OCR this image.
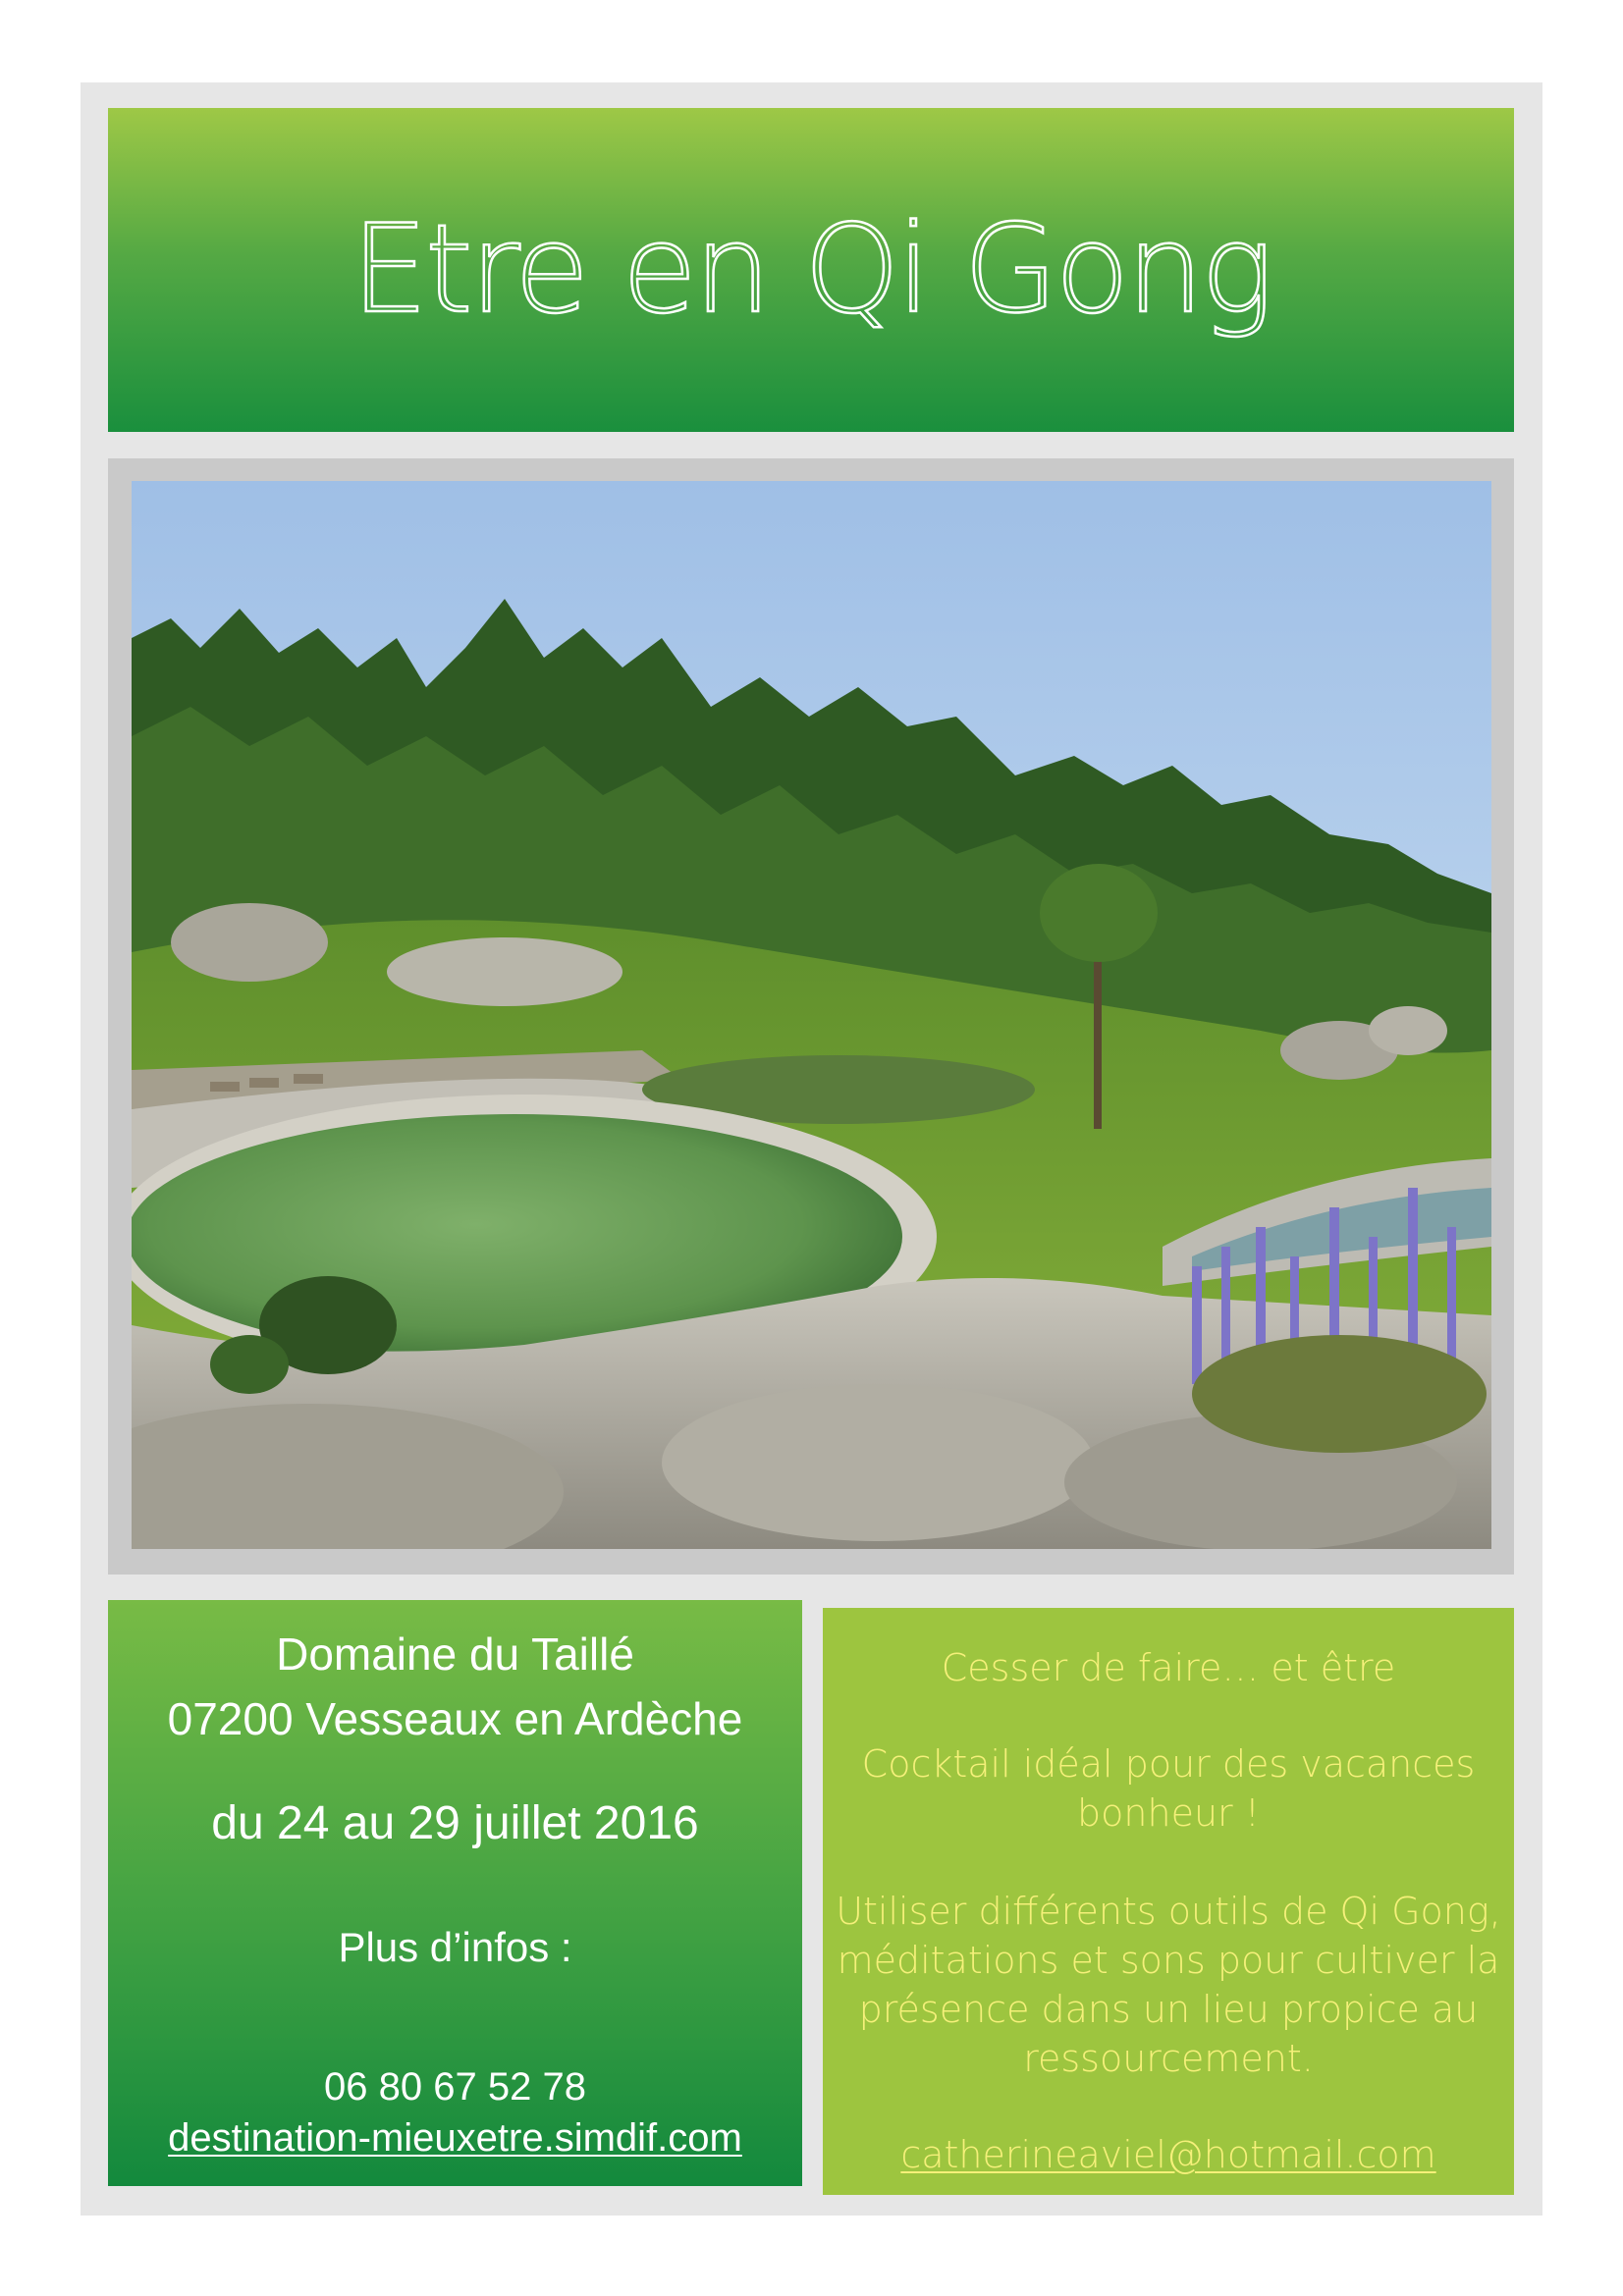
Etre en Qi Gong
Domaine du Taillé
07200 Vesseaux en Ardèche
du 24 au 29 juillet 2016
Plus d’infos :
06 80 67 52 78
destination-mieuxetre.simdif.com
Cesser de faire… et être
Cocktail idéal pour des vacances
bonheur !
Utiliser différents outils de Qi Gong,
méditations et sons pour cultiver la
présence dans un lieu propice au
ressourcement.
catherineaviel@hotmail.com
